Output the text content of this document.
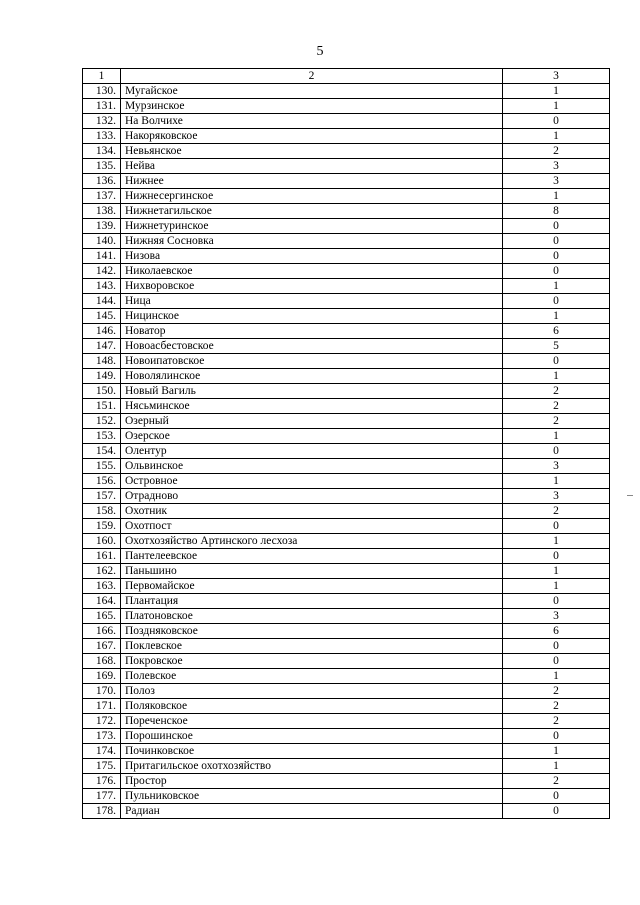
5
1	2	3
130.	Мугайское	1
131.	Мурзинское	1
132.	На Волчихе	0
133.	Накоряковское	1
134.	Невьянское	2
135.	Нейва	3
136.	Нижнее	3
137.	Нижнесергинское	1
138.	Нижнетагильское	8
139.	Нижнетуринское	0
140.	Нижняя Сосновка	0
141.	Низова	0
142.	Николаевское	0
143.	Нихворовское	1
144.	Ница	0
145.	Ницинское	1
146.	Новатор	6
147.	Новоасбестовское	5
148.	Новоипатовское	0
149.	Новолялинское	1
150.	Новый Вагиль	2
151.	Нясьминское	2
152.	Озерный	2
153.	Озерское	1
154.	Олентур	0
155.	Ольвинское	3
156.	Островное	1
157.	Отрадново	3
158.	Охотник	2
159.	Охотпост	0
160.	Охотхозяйство Артинского лесхоза	1
161.	Пантелеевское	0
162.	Паньшино	1
163.	Первомайское	1
164.	Плантация	0
165.	Платоновское	3
166.	Поздняковское	6
167.	Поклевское	0
168.	Покровское	0
169.	Полевское	1
170.	Полоз	2
171.	Поляковское	2
172.	Пореченское	2
173.	Порошинское	0
174.	Починковское	1
175.	Притагильское охотхозяйство	1
176.	Простор	2
177.	Пульниковское	0
178.	Радиан	0
